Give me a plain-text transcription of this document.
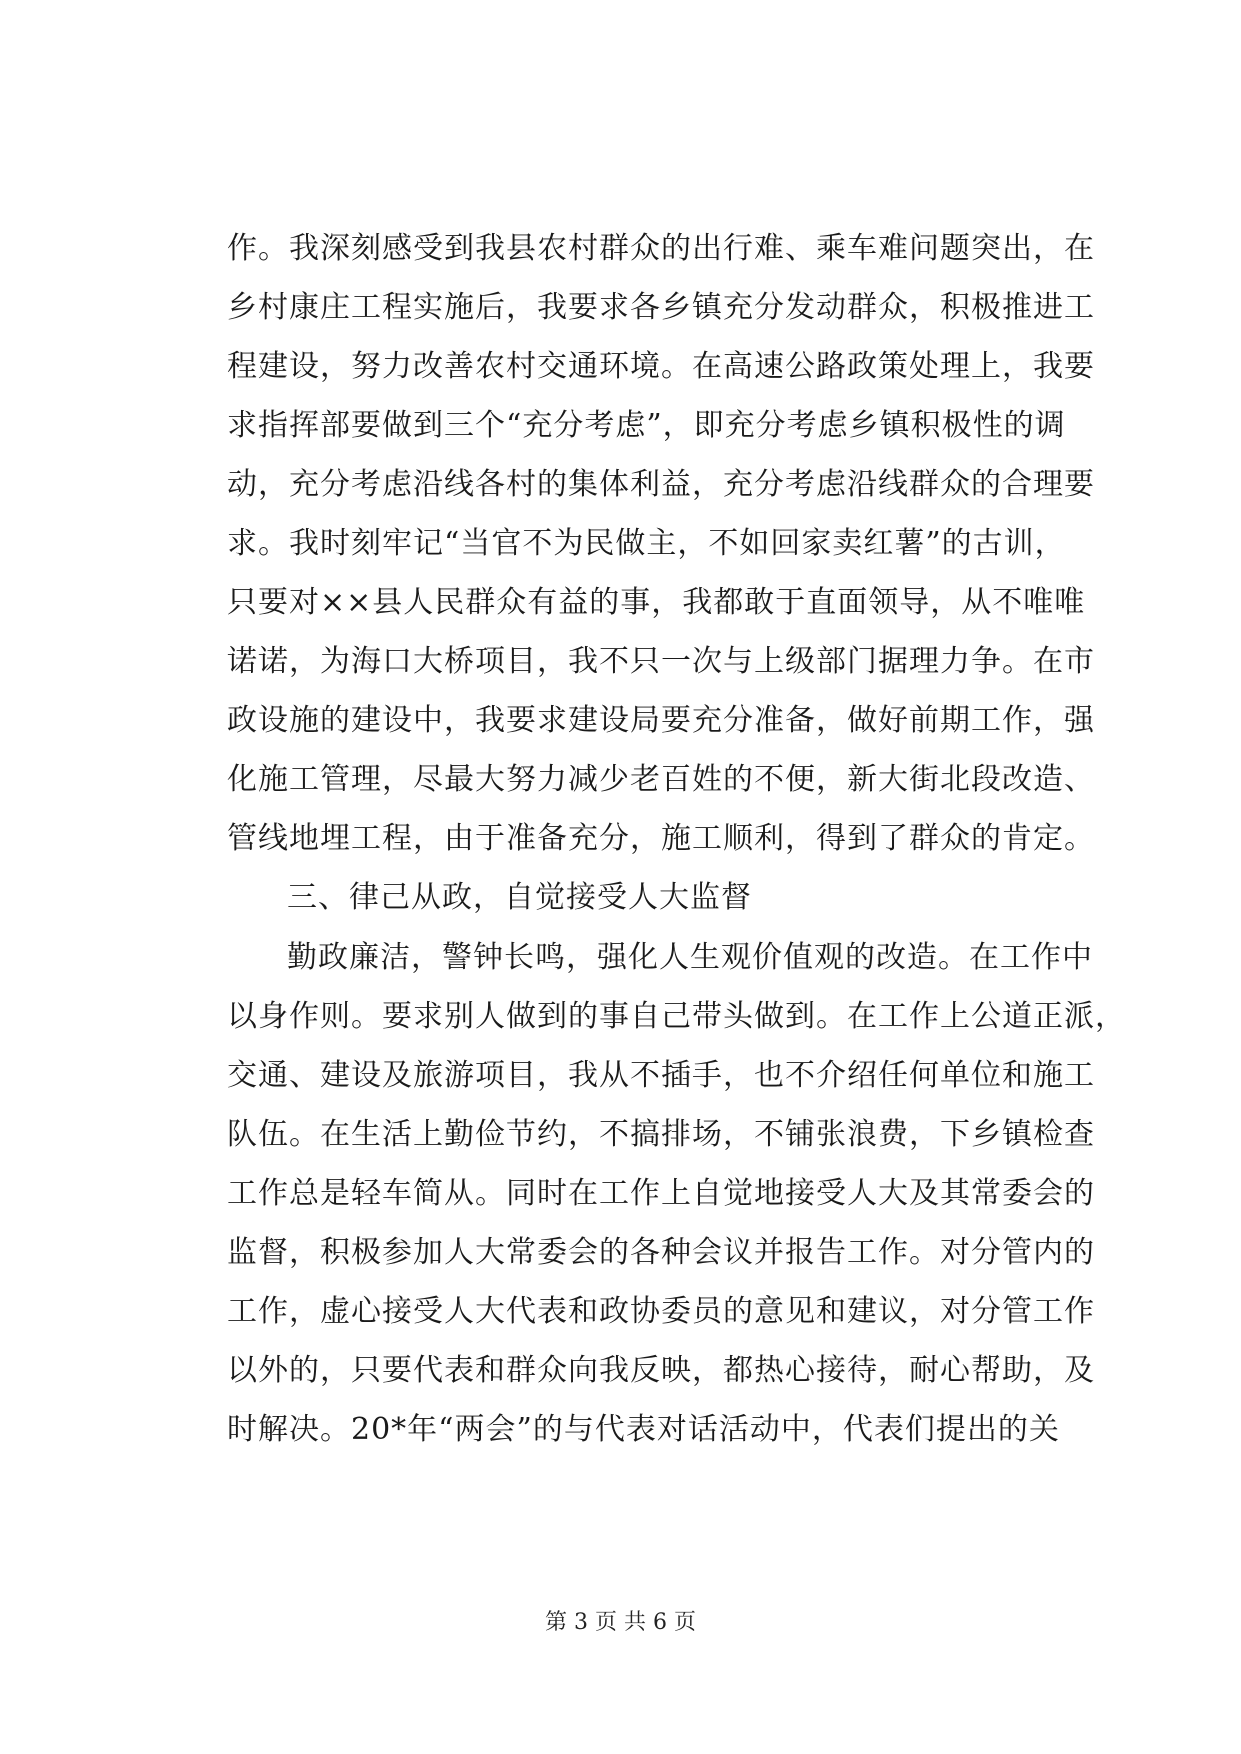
作。我深刻感受到我县农村群众的出行难、乘车难问题突出，在
乡村康庄工程实施后，我要求各乡镇充分发动群众，积极推进工
程建设，努力改善农村交通环境。在高速公路政策处理上，我要
求指挥部要做到三个“充分考虑”，即充分考虑乡镇积极性的调
动，充分考虑沿线各村的集体利益，充分考虑沿线群众的合理要
求。我时刻牢记“当官不为民做主，不如回家卖红薯”的古训，
只要对××县人民群众有益的事，我都敢于直面领导，从不唯唯
诺诺，为海口大桥项目，我不只一次与上级部门据理力争。在市
政设施的建设中，我要求建设局要充分准备，做好前期工作，强
化施工管理，尽最大努力减少老百姓的不便，新大街北段改造、
管线地埋工程，由于准备充分，施工顺利，得到了群众的肯定。
三、律己从政，自觉接受人大监督
勤政廉洁，警钟长鸣，强化人生观价值观的改造。在工作中
以身作则。要求别人做到的事自己带头做到。在工作上公道正派，
交通、建设及旅游项目，我从不插手，也不介绍任何单位和施工
队伍。在生活上勤俭节约，不搞排场，不铺张浪费，下乡镇检查
工作总是轻车简从。同时在工作上自觉地接受人大及其常委会的
监督，积极参加人大常委会的各种会议并报告工作。对分管内的
工作，虚心接受人大代表和政协委员的意见和建议，对分管工作
以外的，只要代表和群众向我反映，都热心接待，耐心帮助，及
时解决。20*年“两会”的与代表对话活动中，代表们提出的关
第 3 页 共 6 页
